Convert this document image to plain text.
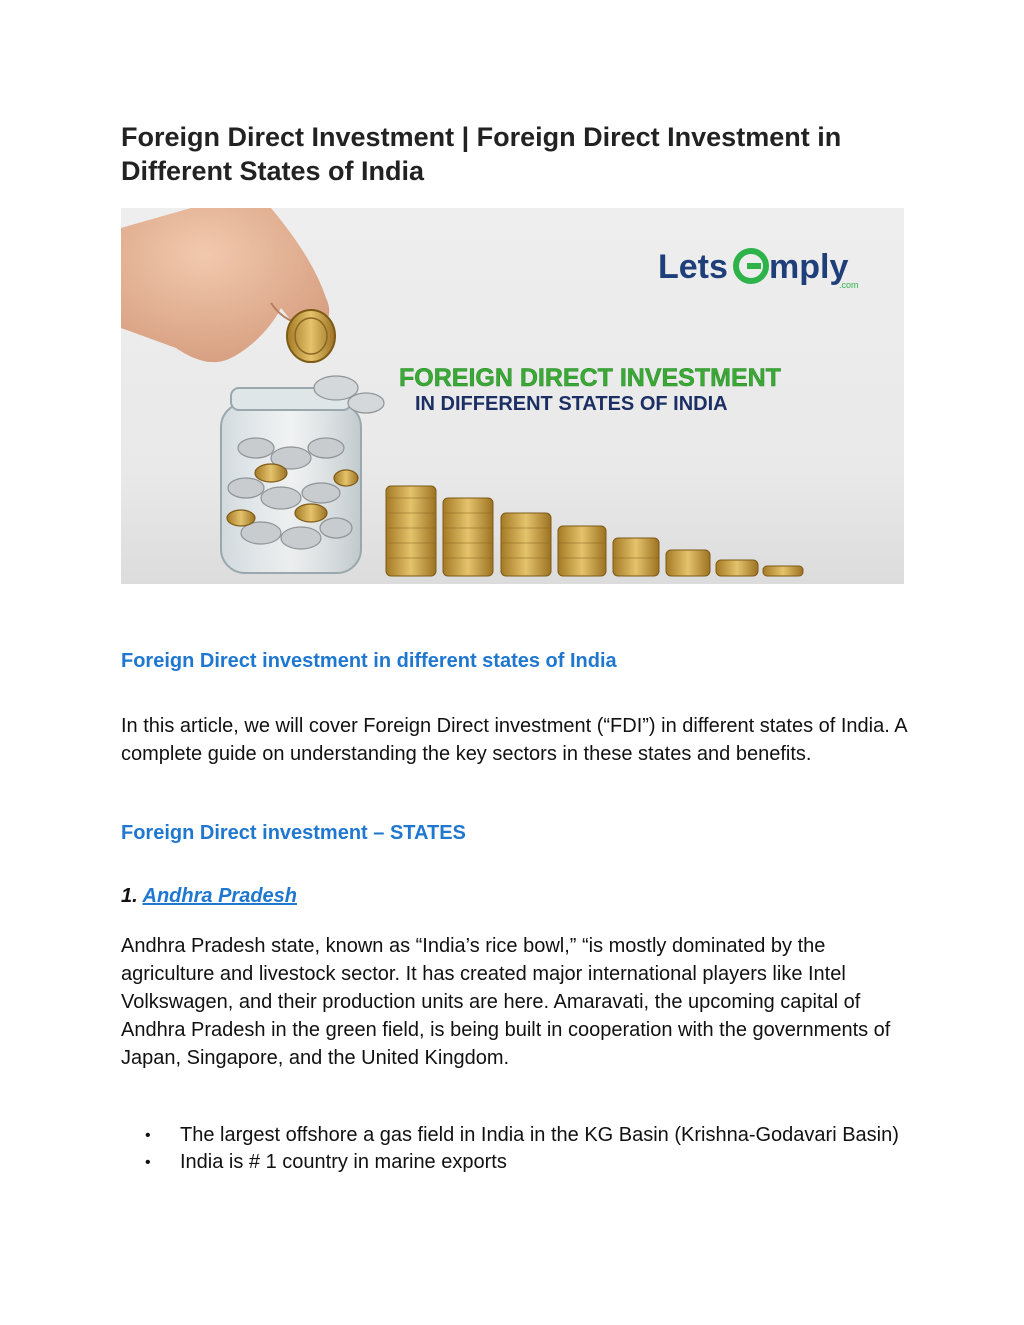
Foreign Direct Investment | Foreign Direct Investment in Different States of India
Lets mply
.com
FOREIGN DIRECT INVESTMENT
IN DIFFERENT STATES OF INDIA
Foreign Direct investment in different states of India

In this article, we will cover Foreign Direct investment (“FDI”) in different states of India. A complete guide on understanding the key sectors in these states and benefits.

Foreign Direct investment – STATES
1. Andhra Pradesh

Andhra Pradesh state, known as “India’s rice bowl,” “is mostly dominated by the agriculture and livestock sector. It has created major international players like Intel Volkswagen, and their production units are here. Amaravati, the upcoming capital of Andhra Pradesh in the green field, is being built in cooperation with the governments of Japan, Singapore, and the United Kingdom.

• The largest offshore a gas field in India in the KG Basin (Krishna-Godavari Basin)
• India is # 1 country in marine exports
